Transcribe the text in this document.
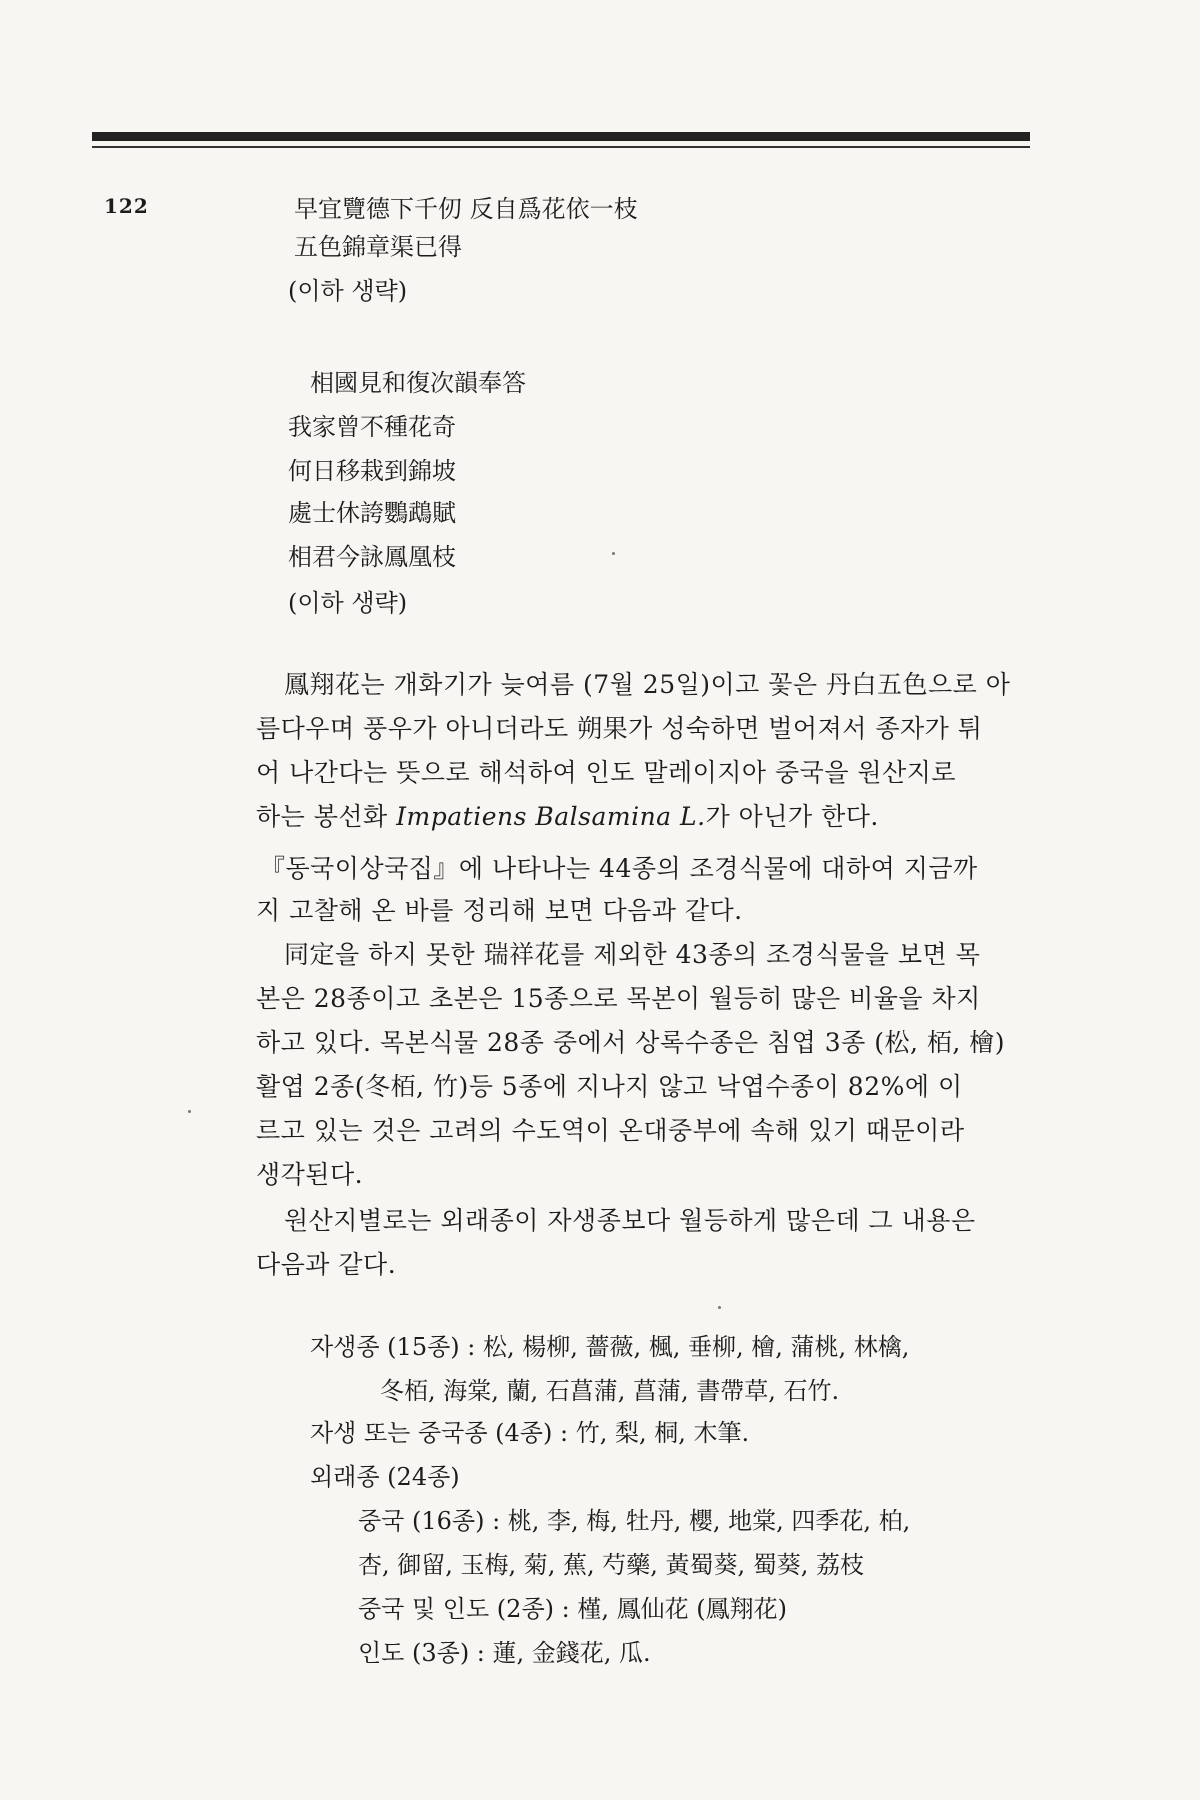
122	早宜覽德下千仞 反自爲花依一枝
五色錦章渠已得
(이하 생략)
相國見和復次韻奉答
我家曾不種花奇
何日移栽到錦坡
處士休誇鸚鵡賦
相君今詠鳳凰枝
(이하 생략)
鳳翔花는 개화기가 늦여름 (7월 25일)이고 꽃은 丹白五色으로 아
름다우며 풍우가 아니더라도 朔果가 성숙하면 벌어져서 종자가 튀
어 나간다는 뜻으로 해석하여 인도 말레이지아 중국을 원산지로
하는 봉선화 Impatiens Balsamina L.가 아닌가 한다.
『동국이상국집』에 나타나는 44종의 조경식물에 대하여 지금까
지 고찰해 온 바를 정리해 보면 다음과 같다.
同定을 하지 못한 瑞祥花를 제외한 43종의 조경식물을 보면 목
본은 28종이고 초본은 15종으로 목본이 월등히 많은 비율을 차지
하고 있다. 목본식물 28종 중에서 상록수종은 침엽 3종 (松, 栢, 檜)
활엽 2종(冬栢, 竹)등 5종에 지나지 않고 낙엽수종이 82%에 이
르고 있는 것은 고려의 수도역이 온대중부에 속해 있기 때문이라
생각된다.
원산지별로는 외래종이 자생종보다 월등하게 많은데 그 내용은
다음과 같다.
자생종 (15종) : 松, 楊柳, 薔薇, 楓, 垂柳, 檜, 蒲桃, 林檎,
冬栢, 海棠, 蘭, 石菖蒲, 菖蒲, 書帶草, 石竹.
자생 또는 중국종 (4종) : 竹, 梨, 桐, 木筆.
외래종 (24종)
중국 (16종) : 桃, 李, 梅, 牡丹, 櫻, 地棠, 四季花, 柏,
杏, 御留, 玉梅, 菊, 蕉, 芍藥, 黃蜀葵, 蜀葵, 荔枝
중국 및 인도 (2종) : 槿, 鳳仙花 (鳳翔花)
인도 (3종) : 蓮, 金錢花, 瓜.
